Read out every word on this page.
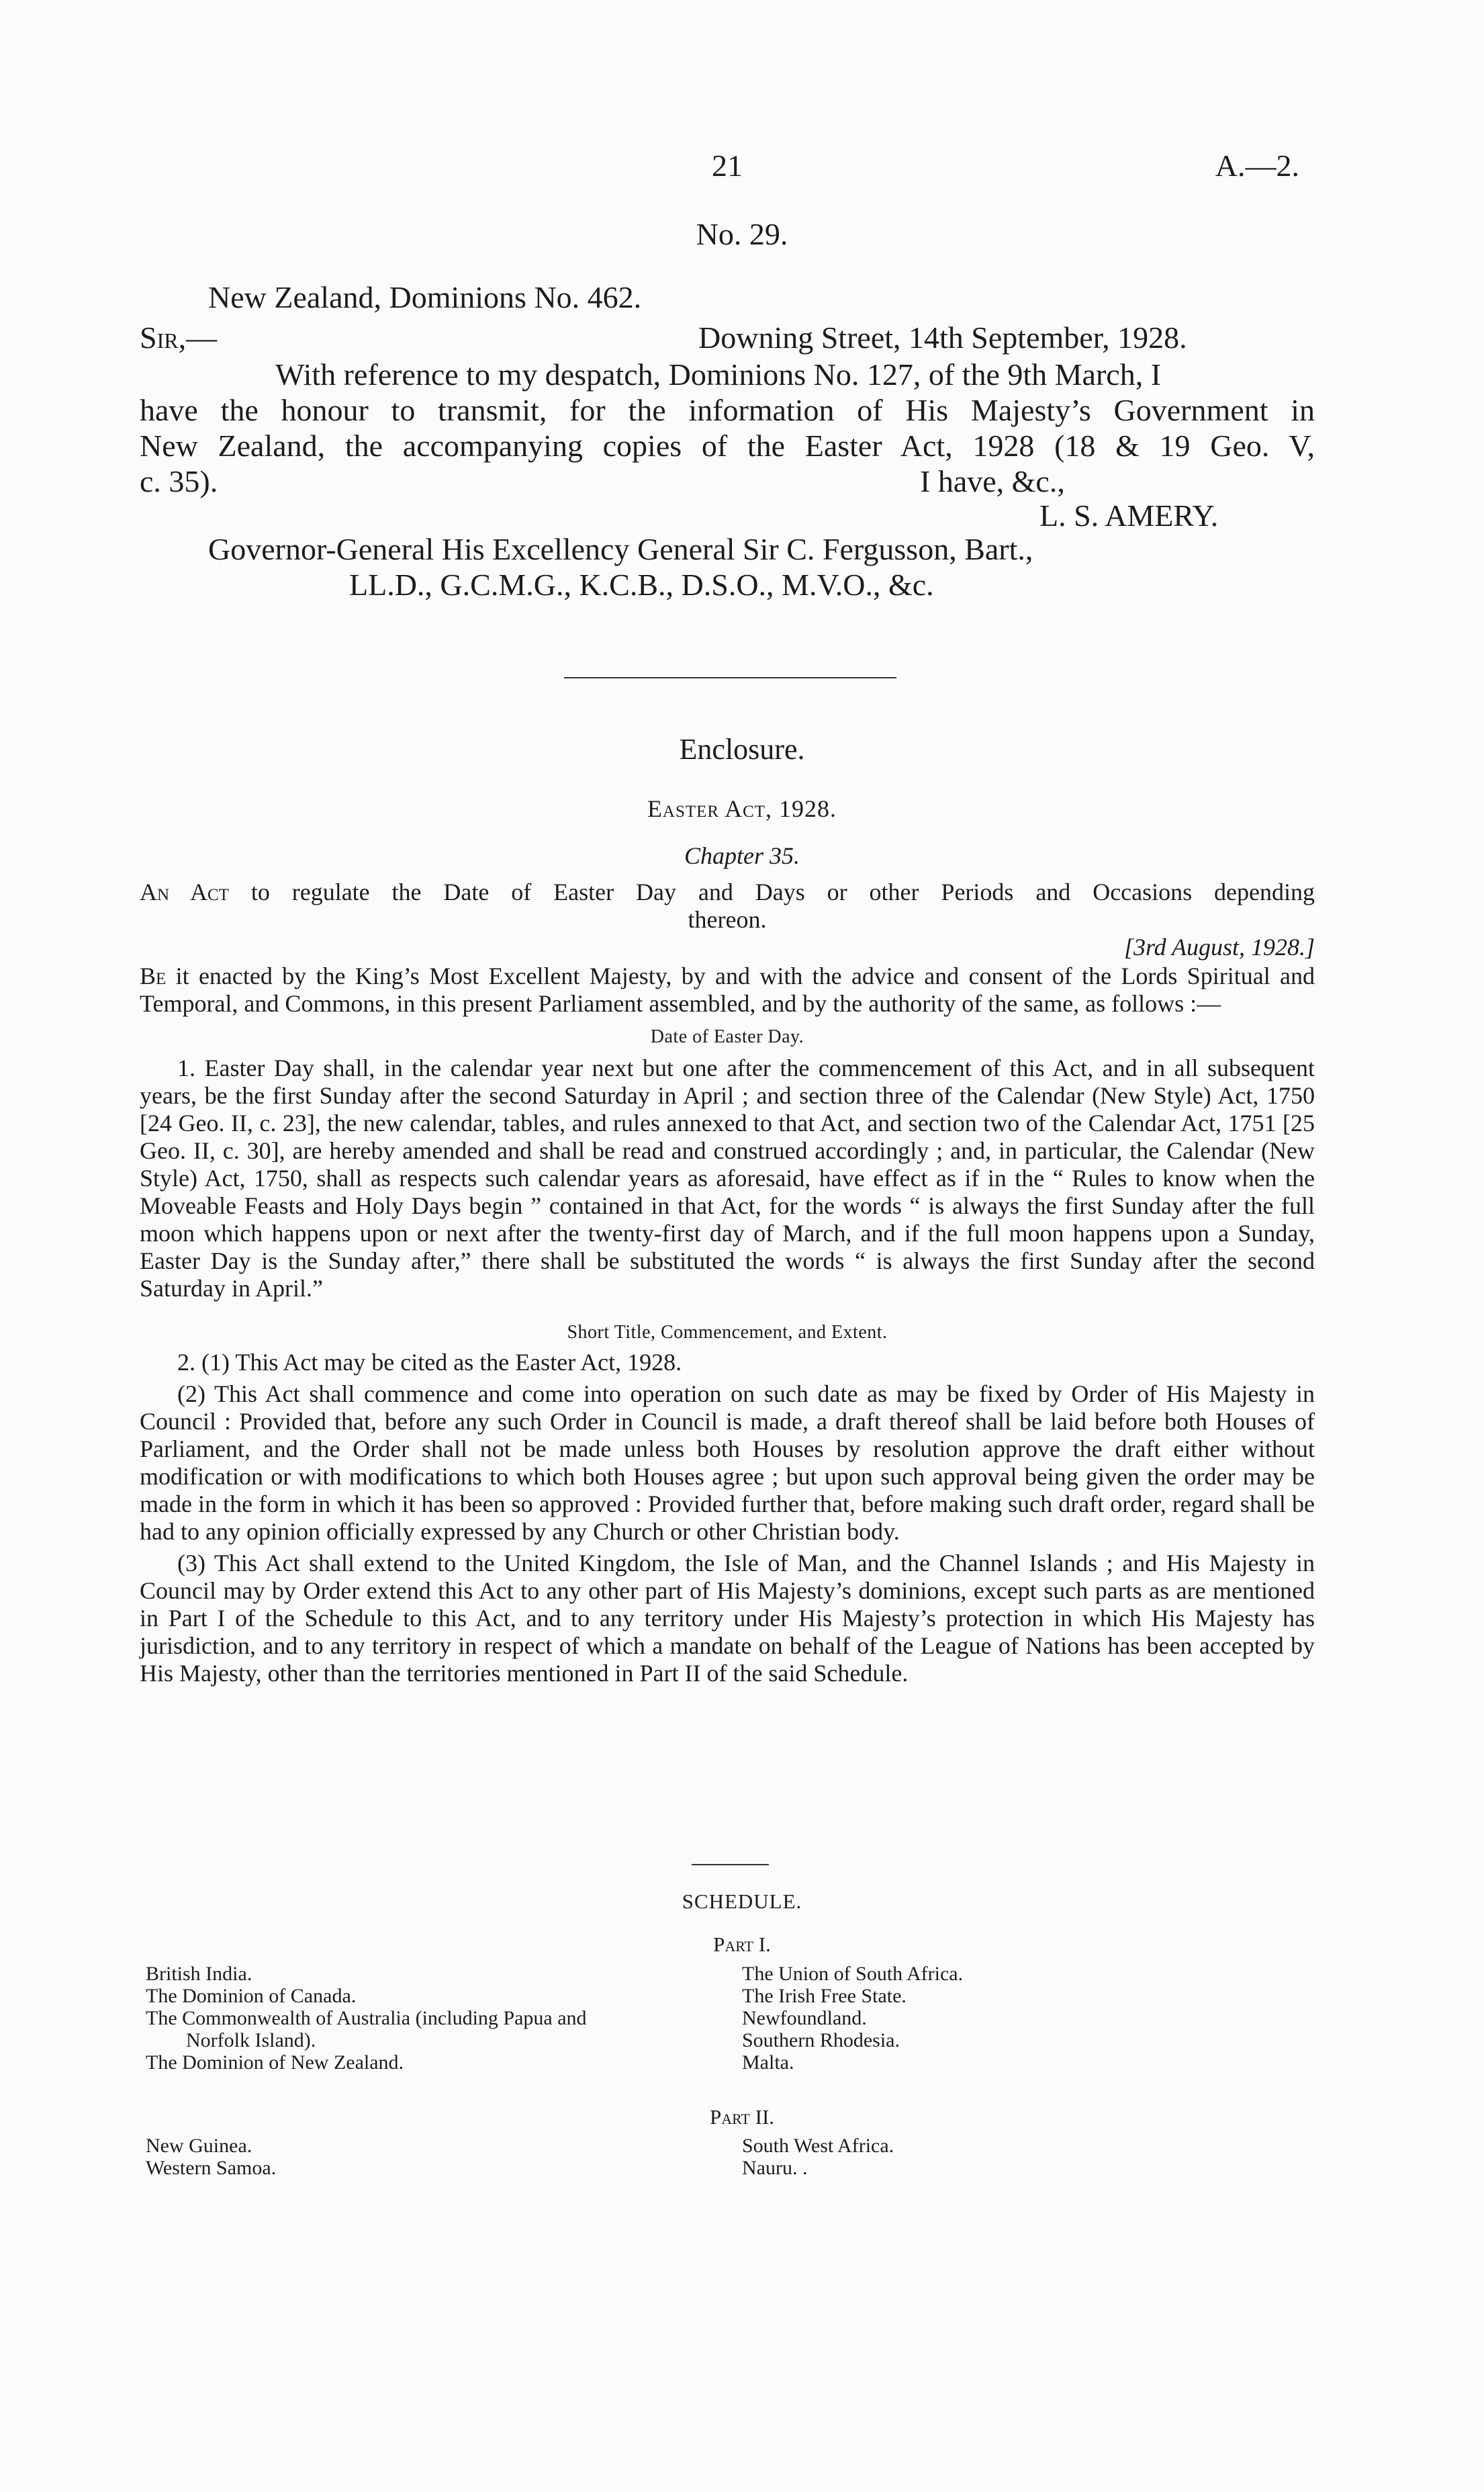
21	A.—2.
No. 29.
New Zealand, Dominions No. 462.
Sir,—	Downing Street, 14th September, 1928.
With reference to my despatch, Dominions No. 127, of the 9th March, I
have the honour to transmit, for the information of His Majesty’s Government in
New Zealand, the accompanying copies of the Easter Act, 1928 (18 & 19 Geo. V,
c. 35).	I have, &c.,
L. S. AMERY.
Governor-General His Excellency General Sir C. Fergusson, Bart.,
LL.D., G.C.M.G., K.C.B., D.S.O., M.V.O., &c.
Enclosure.
Easter Act, 1928.
Chapter 35.
An Act to regulate the Date of Easter Day and Days or other Periods and Occasions depending
thereon.
[3rd August, 1928.]

Be it enacted by the King’s Most Excellent Majesty, by and with the advice and consent of the Lords Spiritual and Temporal, and Commons, in this present Parliament assembled, and by the authority of the same, as follows :—

Date of Easter Day.

1. Easter Day shall, in the calendar year next but one after the commencement of this Act, and in all subsequent years, be the first Sunday after the second Saturday in April ; and section three of the Calendar (New Style) Act, 1750 [24 Geo. II, c. 23], the new calendar, tables, and rules annexed to that Act, and section two of the Calendar Act, 1751 [25 Geo. II, c. 30], are hereby amended and shall be read and construed accordingly ; and, in particular, the Calendar (New Style) Act, 1750, shall as respects such calendar years as aforesaid, have effect as if in the “ Rules to know when the Moveable Feasts and Holy Days begin ” contained in that Act, for the words “ is always the first Sunday after the full moon which happens upon or next after the twenty-first day of March, and if the full moon happens upon a Sunday, Easter Day is the Sunday after,” there shall be substituted the words “ is always the first Sunday after the second Saturday in April.”

Short Title, Commencement, and Extent.

2. (1) This Act may be cited as the Easter Act, 1928.

(2) This Act shall commence and come into operation on such date as may be fixed by Order of His Majesty in Council : Provided that, before any such Order in Council is made, a draft thereof shall be laid before both Houses of Parliament, and the Order shall not be made unless both Houses by resolution approve the draft either without modification or with modifications to which both Houses agree ; but upon such approval being given the order may be made in the form in which it has been so approved : Provided further that, before making such draft order, regard shall be had to any opinion officially expressed by any Church or other Christian body.

(3) This Act shall extend to the United Kingdom, the Isle of Man, and the Channel Islands ; and His Majesty in Council may by Order extend this Act to any other part of His Majesty’s dominions, except such parts as are mentioned in Part I of the Schedule to this Act, and to any territory under His Majesty’s protection in which His Majesty has jurisdiction, and to any territory in respect of which a mandate on behalf of the League of Nations has been accepted by His Majesty, other than the territories mentioned in Part II of the said Schedule.

SCHEDULE.
Part I.
British India.
The Dominion of Canada.
The Commonwealth of Australia (including Papua and
Norfolk Island).
The Dominion of New Zealand.
The Union of South Africa.
The Irish Free State.
Newfoundland.
Southern Rhodesia.
Malta.
Part II.
New Guinea.
Western Samoa.
South West Africa.
Nauru. .
